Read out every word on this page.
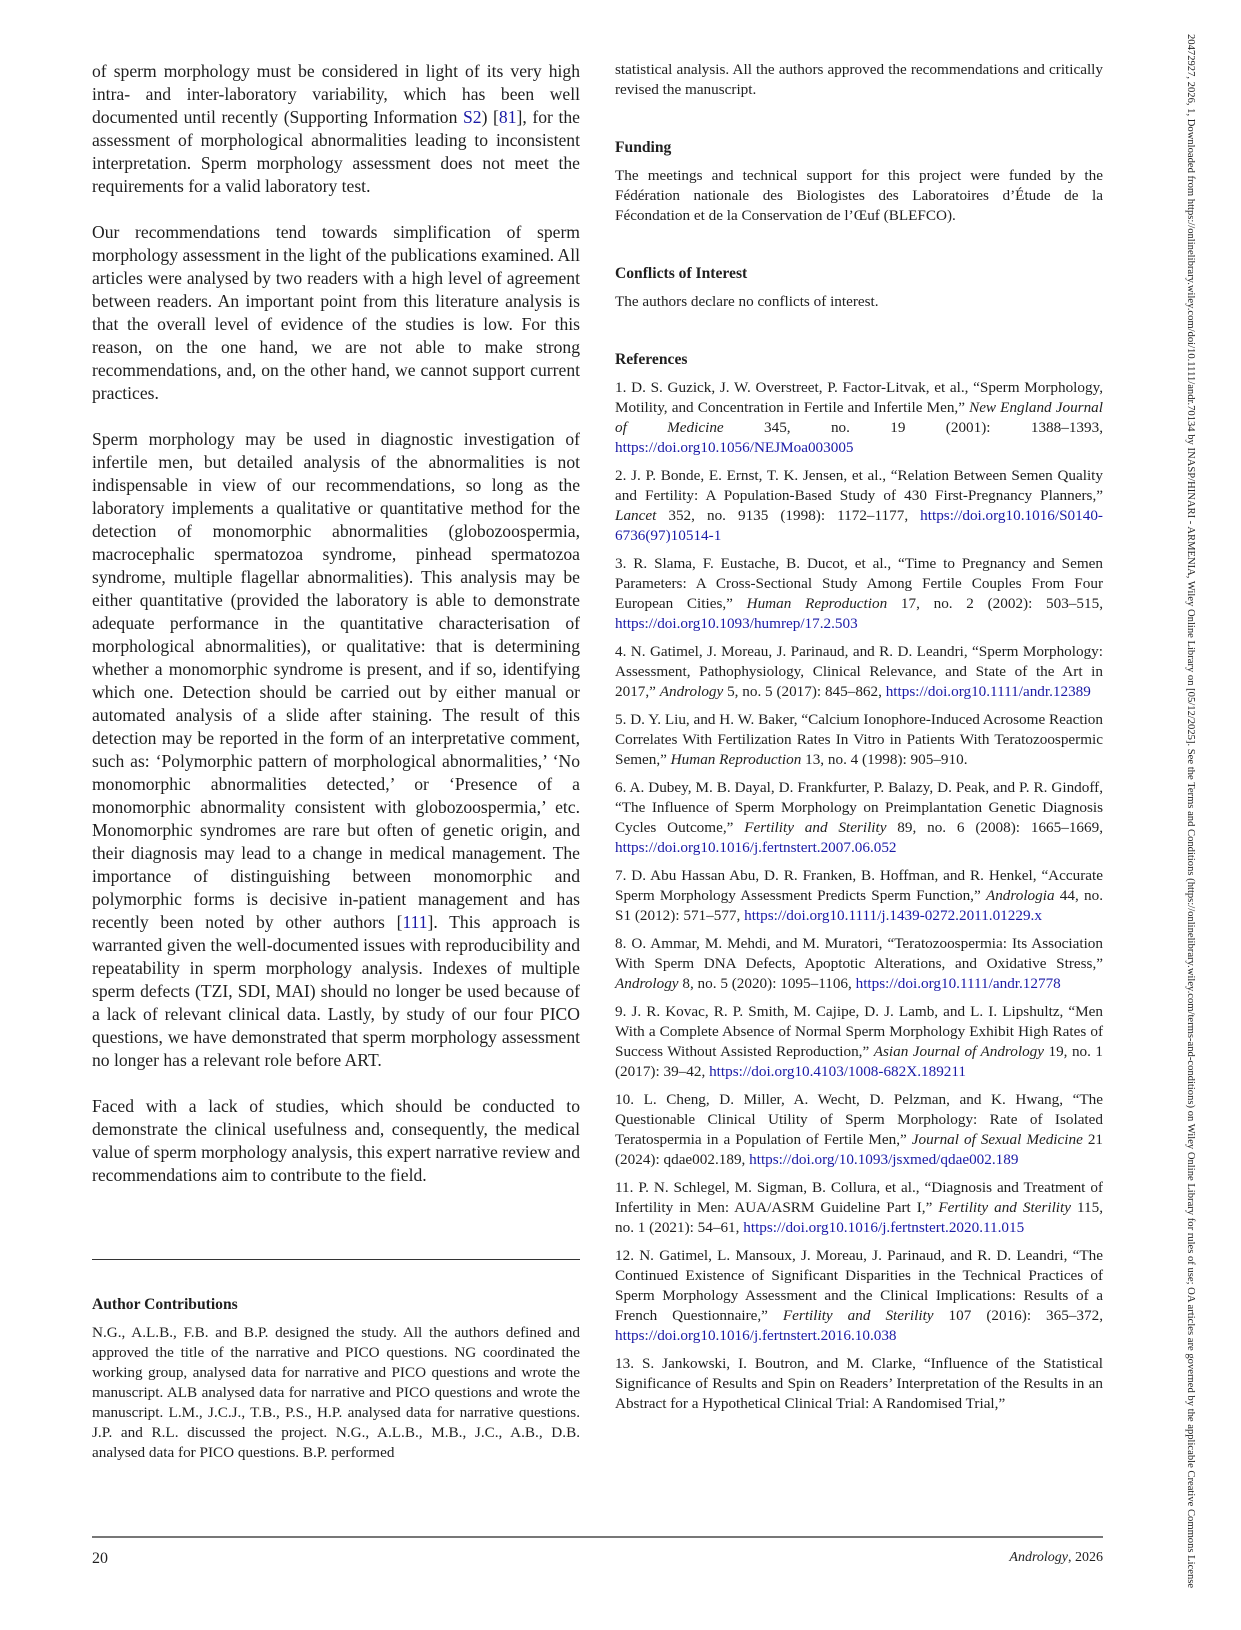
of sperm morphology must be considered in light of its very high intra- and inter-laboratory variability, which has been well documented until recently (Supporting Information S2) [81], for the assessment of morphological abnormalities leading to inconsistent interpretation. Sperm morphology assessment does not meet the requirements for a valid laboratory test.

Our recommendations tend towards simplification of sperm morphology assessment in the light of the publications examined. All articles were analysed by two readers with a high level of agreement between readers. An important point from this literature analysis is that the overall level of evidence of the studies is low. For this reason, on the one hand, we are not able to make strong recommendations, and, on the other hand, we cannot support current practices.

Sperm morphology may be used in diagnostic investigation of infertile men, but detailed analysis of the abnormalities is not indispensable in view of our recommendations, so long as the laboratory implements a qualitative or quantitative method for the detection of monomorphic abnormalities (globozoospermia, macrocephalic spermatozoa syndrome, pinhead spermatozoa syndrome, multiple flagellar abnormalities). This analysis may be either quantitative (provided the laboratory is able to demonstrate adequate performance in the quantitative characterisation of morphological abnormalities), or qualitative: that is determining whether a monomorphic syndrome is present, and if so, identifying which one. Detection should be carried out by either manual or automated analysis of a slide after staining. The result of this detection may be reported in the form of an interpretative comment, such as: ‘Polymorphic pattern of morphological abnormalities,’ ‘No monomorphic abnormalities detected,’ or ‘Presence of a monomorphic abnormality consistent with globozoospermia,’ etc. Monomorphic syndromes are rare but often of genetic origin, and their diagnosis may lead to a change in medical management. The importance of distinguishing between monomorphic and polymorphic forms is decisive in-patient management and has recently been noted by other authors [111]. This approach is warranted given the well-documented issues with reproducibility and repeatability in sperm morphology analysis. Indexes of multiple sperm defects (TZI, SDI, MAI) should no longer be used because of a lack of relevant clinical data. Lastly, by study of our four PICO questions, we have demonstrated that sperm morphology assessment no longer has a relevant role before ART.

Faced with a lack of studies, which should be conducted to demonstrate the clinical usefulness and, consequently, the medical value of sperm morphology analysis, this expert narrative review and recommendations aim to contribute to the field.

Author Contributions

N.G., A.L.B., F.B. and B.P. designed the study. All the authors defined and approved the title of the narrative and PICO questions. NG coordinated the working group, analysed data for narrative and PICO questions and wrote the manuscript. ALB analysed data for narrative and PICO questions and wrote the manuscript. L.M., J.C.J., T.B., P.S., H.P. analysed data for narrative questions. J.P. and R.L. discussed the project. N.G., A.L.B., M.B., J.C., A.B., D.B. analysed data for PICO questions. B.P. performed

statistical analysis. All the authors approved the recommendations and critically revised the manuscript.

Funding

The meetings and technical support for this project were funded by the Fédération nationale des Biologistes des Laboratoires d’Étude de la Fécondation et de la Conservation de l’Œuf (BLEFCO).

Conflicts of Interest

The authors declare no conflicts of interest.

References

1. D. S. Guzick, J. W. Overstreet, P. Factor-Litvak, et al., “Sperm Morphology, Motility, and Concentration in Fertile and Infertile Men,” New England Journal of Medicine 345, no. 19 (2001): 1388–1393, https://doi.org10.1056/NEJMoa003005

2. J. P. Bonde, E. Ernst, T. K. Jensen, et al., “Relation Between Semen Quality and Fertility: A Population-Based Study of 430 First-Pregnancy Planners,” Lancet 352, no. 9135 (1998): 1172–1177, https://doi.org10.1016/S0140-6736(97)10514-1

3. R. Slama, F. Eustache, B. Ducot, et al., “Time to Pregnancy and Semen Parameters: A Cross-Sectional Study Among Fertile Couples From Four European Cities,” Human Reproduction 17, no. 2 (2002): 503–515, https://doi.org10.1093/humrep/17.2.503

4. N. Gatimel, J. Moreau, J. Parinaud, and R. D. Leandri, “Sperm Morphology: Assessment, Pathophysiology, Clinical Relevance, and State of the Art in 2017,” Andrology 5, no. 5 (2017): 845–862, https://doi.org10.1111/andr.12389

5. D. Y. Liu, and H. W. Baker, “Calcium Ionophore-Induced Acrosome Reaction Correlates With Fertilization Rates In Vitro in Patients With Teratozoospermic Semen,” Human Reproduction 13, no. 4 (1998): 905–910.

6. A. Dubey, M. B. Dayal, D. Frankfurter, P. Balazy, D. Peak, and P. R. Gindoff, “The Influence of Sperm Morphology on Preimplantation Genetic Diagnosis Cycles Outcome,” Fertility and Sterility 89, no. 6 (2008): 1665–1669, https://doi.org10.1016/j.fertnstert.2007.06.052

7. D. Abu Hassan Abu, D. R. Franken, B. Hoffman, and R. Henkel, “Accurate Sperm Morphology Assessment Predicts Sperm Function,” Andrologia 44, no. S1 (2012): 571–577, https://doi.org10.1111/j.1439-0272.2011.01229.x

8. O. Ammar, M. Mehdi, and M. Muratori, “Teratozoospermia: Its Association With Sperm DNA Defects, Apoptotic Alterations, and Oxidative Stress,” Andrology 8, no. 5 (2020): 1095–1106, https://doi.org10.1111/andr.12778

9. J. R. Kovac, R. P. Smith, M. Cajipe, D. J. Lamb, and L. I. Lipshultz, “Men With a Complete Absence of Normal Sperm Morphology Exhibit High Rates of Success Without Assisted Reproduction,” Asian Journal of Andrology 19, no. 1 (2017): 39–42, https://doi.org10.4103/1008-682X.189211

10. L. Cheng, D. Miller, A. Wecht, D. Pelzman, and K. Hwang, “The Questionable Clinical Utility of Sperm Morphology: Rate of Isolated Teratospermia in a Population of Fertile Men,” Journal of Sexual Medicine 21 (2024): qdae002.189, https://doi.org/10.1093/jsxmed/qdae002.189

11. P. N. Schlegel, M. Sigman, B. Collura, et al., “Diagnosis and Treatment of Infertility in Men: AUA/ASRM Guideline Part I,” Fertility and Sterility 115, no. 1 (2021): 54–61, https://doi.org10.1016/j.fertnstert.2020.11.015

12. N. Gatimel, L. Mansoux, J. Moreau, J. Parinaud, and R. D. Leandri, “The Continued Existence of Significant Disparities in the Technical Practices of Sperm Morphology Assessment and the Clinical Implications: Results of a French Questionnaire,” Fertility and Sterility 107 (2016): 365–372, https://doi.org10.1016/j.fertnstert.2016.10.038

13. S. Jankowski, I. Boutron, and M. Clarke, “Influence of the Statistical Significance of Results and Spin on Readers’ Interpretation of the Results in an Abstract for a Hypothetical Clinical Trial: A Randomised Trial,”

20	Andrology, 2026	20472927, 2026, 1, Downloaded from https://onlinelibrary.wiley.com/doi/10.1111/andr.70134 by INASP/HINARI - ARMENIA, Wiley Online Library on [05/12/2025]. See the Terms and Conditions (https://onlinelibrary.wiley.com/terms-and-conditions) on Wiley Online Library for rules of use; OA articles are governed by the applicable Creative Commons License
